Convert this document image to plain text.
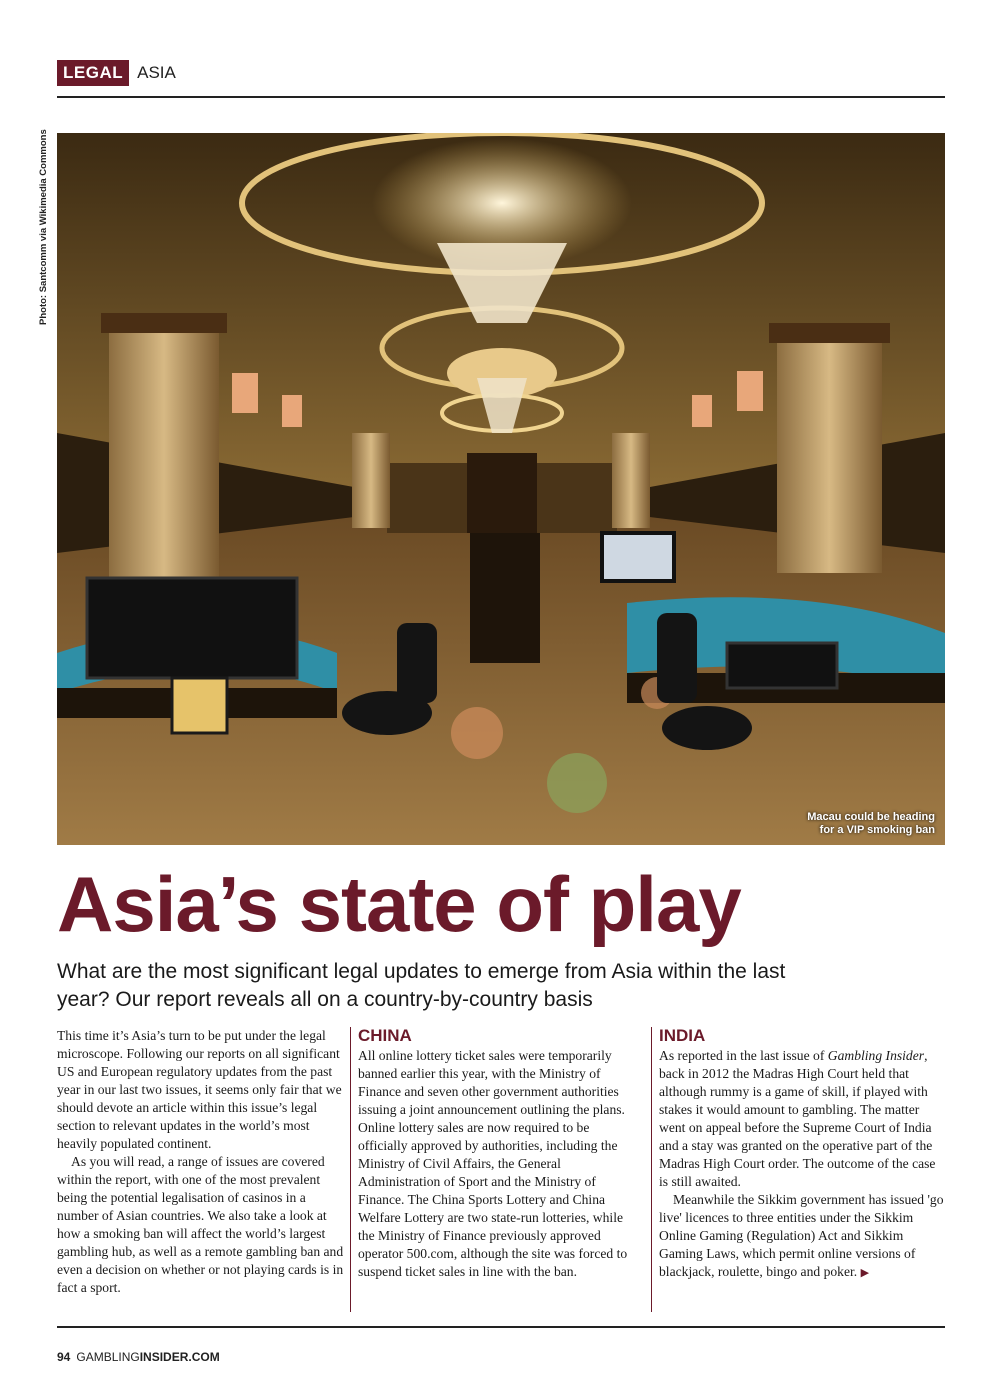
LEGAL ASIA
Photo: Santcomm via Wikimedia Commons
Macau could be heading
for a VIP smoking ban
Asia’s state of play

What are the most significant legal updates to emerge from Asia within the last year? Our report reveals all on a country-by-country basis

This time it’s Asia’s turn to be put under the legal microscope. Following our reports on all significant US and European regulatory updates from the past year in our last two issues, it seems only fair that we should devote an article within this issue’s legal section to relevant updates in the world’s most heavily populated continent.

As you will read, a range of issues are covered within the report, with one of the most prevalent being the potential legalisation of casinos in a number of Asian countries. We also take a look at how a smoking ban will affect the world’s largest gambling hub, as well as a remote gambling ban and even a decision on whether or not playing cards is in fact a sport.

CHINA

All online lottery ticket sales were temporarily banned earlier this year, with the Ministry of Finance and seven other government authorities issuing a joint announcement outlining the plans. Online lottery sales are now required to be officially approved by authorities, including the Ministry of Civil Affairs, the General Administration of Sport and the Ministry of Finance. The China Sports Lottery and China Welfare Lottery are two state-run lotteries, while the Ministry of Finance previously approved operator 500.com, although the site was forced to suspend ticket sales in line with the ban.

INDIA

As reported in the last issue of Gambling Insider, back in 2012 the Madras High Court held that although rummy is a game of skill, if played with stakes it would amount to gambling. The matter went on appeal before the Supreme Court of India and a stay was granted on the operative part of the Madras High Court order. The outcome of the case is still awaited.

Meanwhile the Sikkim government has issued 'go live' licences to three entities under the Sikkim Online Gaming (Regulation) Act and Sikkim Gaming Laws, which permit online versions of blackjack, roulette, bingo and poker. ▶

94 GAMBLINGINSIDER.COM
